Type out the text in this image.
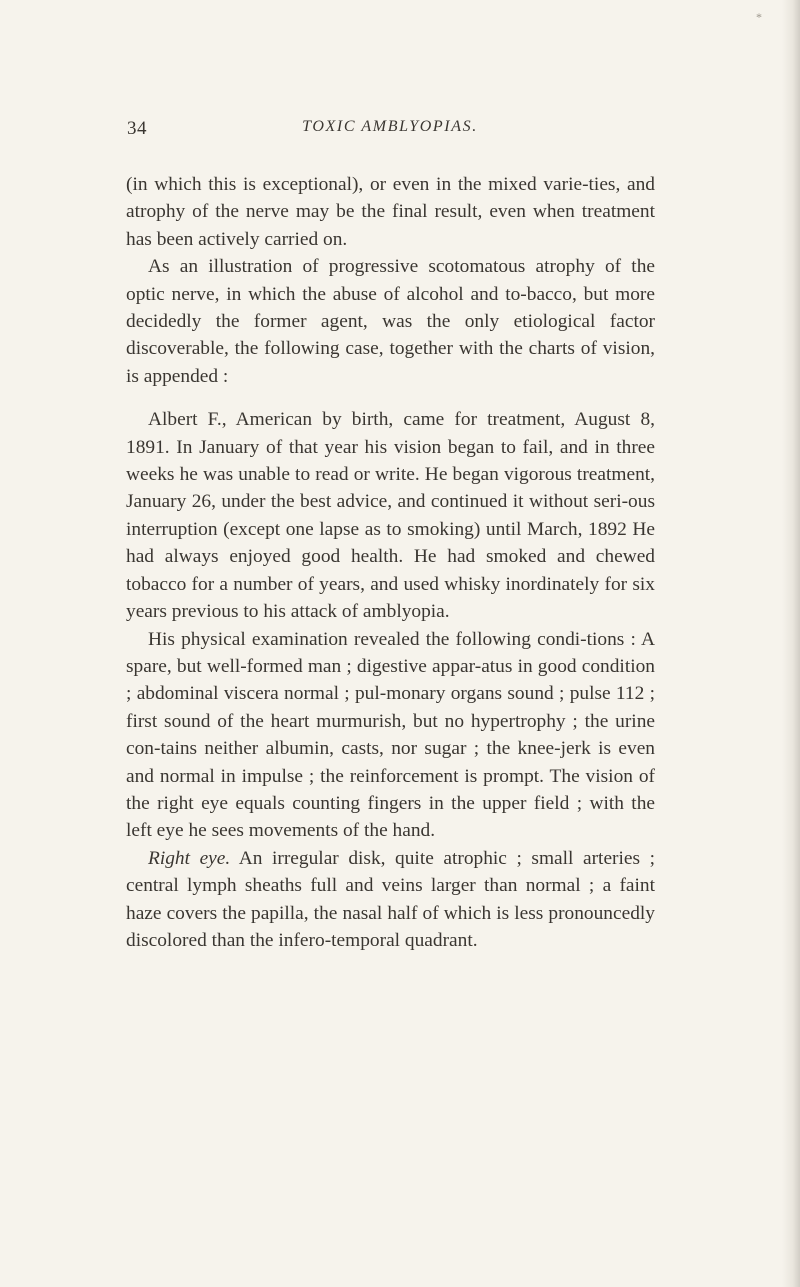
*
34	TOXIC AMBLYOPIAS.

(in which this is exceptional), or even in the mixed varie-ties, and atrophy of the nerve may be the final result, even when treatment has been actively carried on.

As an illustration of progressive scotomatous atrophy of the optic nerve, in which the abuse of alcohol and to-bacco, but more decidedly the former agent, was the only etiological factor discoverable, the following case, together with the charts of vision, is appended :

Albert F., American by birth, came for treatment, August 8, 1891. In January of that year his vision began to fail, and in three weeks he was unable to read or write. He began vigorous treatment, January 26, under the best advice, and continued it without seri-ous interruption (except one lapse as to smoking) until March, 1892 He had always enjoyed good health. He had smoked and chewed tobacco for a number of years, and used whisky inordinately for six years previous to his attack of amblyopia.

His physical examination revealed the following condi-tions : A spare, but well-formed man ; digestive appar-atus in good condition ; abdominal viscera normal ; pul-monary organs sound ; pulse 112 ; first sound of the heart murmurish, but no hypertrophy ; the urine con-tains neither albumin, casts, nor sugar ; the knee-jerk is even and normal in impulse ; the reinforcement is prompt. The vision of the right eye equals counting fingers in the upper field ; with the left eye he sees movements of the hand.

Right eye. An irregular disk, quite atrophic ; small arteries ; central lymph sheaths full and veins larger than normal ; a faint haze covers the papilla, the nasal half of which is less pronouncedly discolored than the infero-temporal quadrant.
